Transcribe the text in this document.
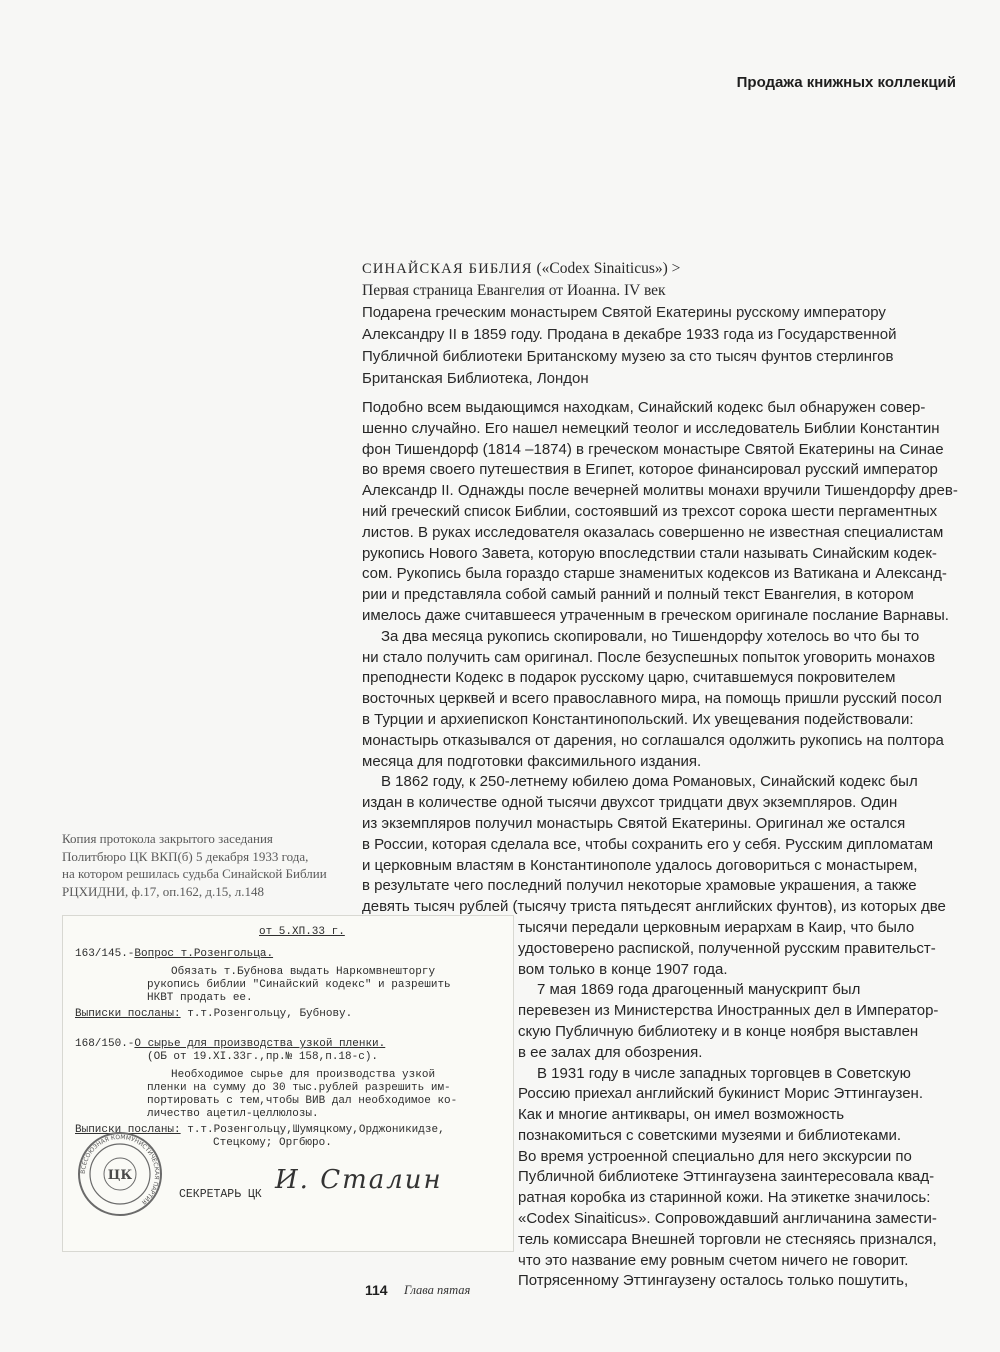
Продажа книжных коллекций
СИНАЙСКАЯ БИБЛИЯ («Codex Sinaiticus») >
Первая страница Евангелия от Иоанна. IV век
Подарена греческим монастырем Святой Екатерины русскому императору
Александру II в 1859 году. Продана в декабре 1933 года из Государственной
Публичной библиотеки Британскому музею за сто тысяч фунтов стерлингов
Британская Библиотека, Лондон
Подобно всем выдающимся находкам, Синайский кодекс был обнаружен совер-
шенно случайно. Его нашел немецкий теолог и исследователь Библии Константин
фон Тишендорф (1814 –1874) в греческом монастыре Святой Екатерины на Синае
во время своего путешествия в Египет, которое финансировал русский император
Александр II. Однажды после вечерней молитвы монахи вручили Тишендорфу древ-
ний греческий список Библии, состоявший из трехсот сорока шести пергаментных
листов. В руках исследователя оказалась совершенно не известная специалистам
рукопись Нового Завета, которую впоследствии стали называть Синайским кодек-
сом. Рукопись была гораздо старше знаменитых кодексов из Ватикана и Александ-
рии и представляла собой самый ранний и полный текст Евангелия, в котором
имелось даже считавшееся утраченным в греческом оригинале послание Варнавы.
За два месяца рукопись скопировали, но Тишендорфу хотелось во что бы то
ни стало получить сам оригинал. После безуспешных попыток уговорить монахов
преподнести Кодекс в подарок русскому царю, считавшемуся покровителем
восточных церквей и всего православного мира, на помощь пришли русский посол
в Турции и архиепископ Константинопольский. Их увещевания подействовали:
монастырь отказывался от дарения, но соглашался одолжить рукопись на полтора
месяца для подготовки факсимильного издания.
В 1862 году, к 250-летнему юбилею дома Романовых, Синайский кодекс был
издан в количестве одной тысячи двухсот тридцати двух экземпляров. Один
из экземпляров получил монастырь Святой Екатерины. Оригинал же остался
в России, которая сделала все, чтобы сохранить его у себя. Русским дипломатам
и церковным властям в Константинополе удалось договориться с монастырем,
в результате чего последний получил некоторые храмовые украшения, а также
девять тысяч рублей (тысячу триста пятьдесят английских фунтов), из которых две
тысячи передали церковным иерархам в Каир, что было
удостоверено распиской, полученной русским правительст-
вом только в конце 1907 года.
7 мая 1869 года драгоценный манускрипт был
перевезен из Министерства Иностранных дел в Император-
скую Публичную библиотеку и в конце ноября выставлен
в ее залах для обозрения.
В 1931 году в числе западных торговцев в Советскую
Россию приехал английский букинист Морис Эттингаузен.
Как и многие антиквары, он имел возможность
познакомиться с советскими музеями и библиотеками.
Во время устроенной специально для него экскурсии по
Публичной библиотеке Эттингаузена заинтересовала квад-
ратная коробка из старинной кожи. На этикетке значилось:
«Codex Sinaiticus». Сопровождавший англичанина замести-
тель комиссара Внешней торговли не стесняясь признался,
что это название ему ровным счетом ничего не говорит.
Потрясенному Эттингаузену осталось только пошутить,
Копия протокола закрытого заседания
Политбюро ЦК ВКП(б) 5 декабря 1933 года,
на котором решилась судьба Синайской Библии
РЦХИДНИ, ф.17, оп.162, д.15, л.148
от 5.ХП.33 г.
163/145.-Вопрос т.Розенгольца.
Обязать т.Бубнова выдать Наркомвнешторгу
рукопись библии "Синайский кодекс" и разрешить
НКВТ продать ее.
Выписки посланы: т.т.Розенгольцу, Бубнову.
168/150.-О сырье для производства узкой пленки.
(ОБ от 19.ХI.33г.,пр.№ 158,п.18-с).
Необходимое сырье для производства узкой
пленки на сумму до 30 тыс.рублей разрешить им-
портировать с тем,чтобы ВИВ дал необходимое ко-
личество ацетил-целлюлозы.
Выписки посланы: т.т.Розенгольцу,Шумяцкому,Орджоникидзе,
Стецкому; Оргбюро.
ВСЕСОЮЗНАЯ КОММУНИСТИЧЕСКАЯ ПАРТИЯ
ЦК
СЕКРЕТАРЬ ЦК И. Сталин
114 Глава пятая
